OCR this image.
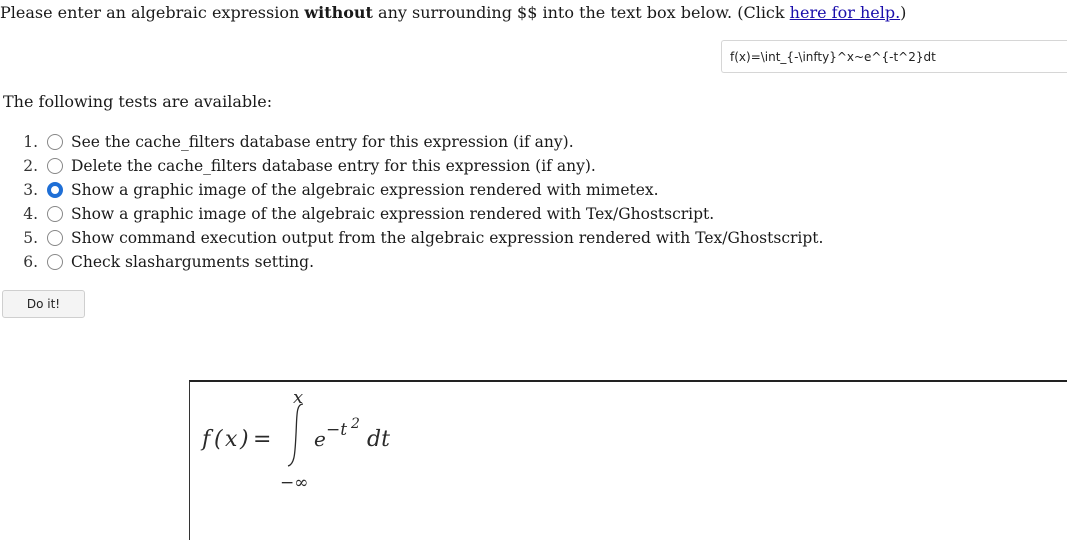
Please enter an algebraic expression without any surrounding $$ into the text box below. (Click here for help.)
f(x)=\int_{-\infty}^x~e^{-t^2}dt
The following tests are available:
1. See the cache_filters database entry for this expression (if any).
2. Delete the cache_filters database entry for this expression (if any).
3. Show a graphic image of the algebraic expression rendered with mimetex.
4. Show a graphic image of the algebraic expression rendered with Tex/Ghostscript.
5. Show command execution output from the algebraic expression rendered with Tex/Ghostscript.
6. Check slasharguments setting.
Do it!
f ( x ) =
x
−∞
e −t 2
dt
